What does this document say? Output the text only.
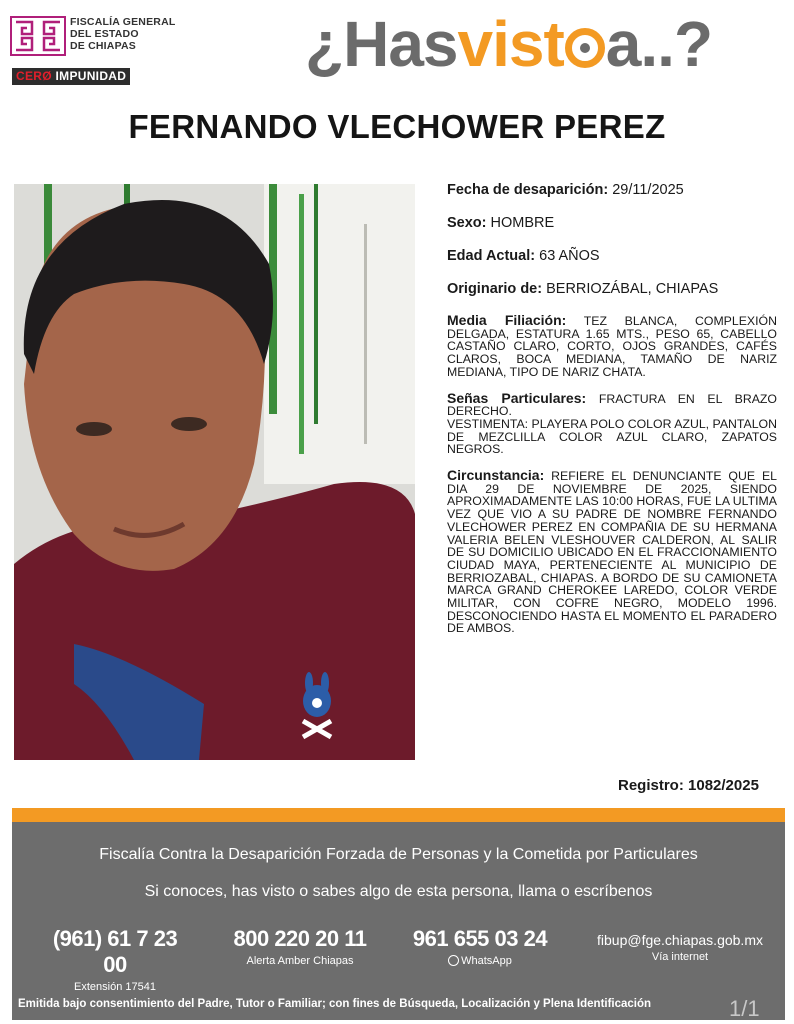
FISCALÍA GENERAL
DEL ESTADO
DE CHIAPAS
CERØ IMPUNIDAD	¿Hasvist a..?
FERNANDO VLECHOWER PEREZ
Fecha de desaparición: 29/11/2025
Sexo: HOMBRE
Edad Actual: 63 AÑOS
Originario de: BERRIOZÁBAL, CHIAPAS
Media Filiación: TEZ BLANCA, COMPLEXIÓN DELGADA, ESTATURA 1.65 MTS., PESO 65, CABELLO CASTAÑO CLARO, CORTO, OJOS GRANDES, CAFÉS CLAROS, BOCA MEDIANA, TAMAÑO DE NARIZ MEDIANA, TIPO DE NARIZ CHATA.
Señas Particulares: FRACTURA EN EL BRAZO DERECHO.
VESTIMENTA: PLAYERA POLO COLOR AZUL, PANTALON DE MEZCLILLA COLOR AZUL CLARO, ZAPATOS NEGROS.
Circunstancia: REFIERE EL DENUNCIANTE QUE EL DIA 29 DE NOVIEMBRE DE 2025, SIENDO APROXIMADAMENTE LAS 10:00 HORAS, FUE LA ULTIMA VEZ QUE VIO A SU PADRE DE NOMBRE FERNANDO VLECHOWER PEREZ EN COMPAÑIA DE SU HERMANA VALERIA BELEN VLESHOUVER CALDERON, AL SALIR DE SU DOMICILIO UBICADO EN EL FRACCIONAMIENTO CIUDAD MAYA, PERTENECIENTE AL MUNICIPIO DE BERRIOZABAL, CHIAPAS. A BORDO DE SU CAMIONETA MARCA GRAND CHEROKEE LAREDO, COLOR VERDE MILITAR, CON COFRE NEGRO, MODELO 1996. DESCONOCIENDO HASTA EL MOMENTO EL PARADERO DE AMBOS.
Registro: 1082/2025
Fiscalía Contra la Desaparición Forzada de Personas y la Cometida por Particulares
Si conoces, has visto o sabes algo de esta persona, llama o escríbenos
(961) 61 7 23 00
Extensión 17541
800 220 20 11
Alerta Amber Chiapas
961 655 03 24
WhatsApp
fibup@fge.chiapas.gob.mx
Vía internet
Emitida bajo consentimiento del Padre, Tutor o Familiar; con fines de Búsqueda, Localización y Plena Identificación	1/1
